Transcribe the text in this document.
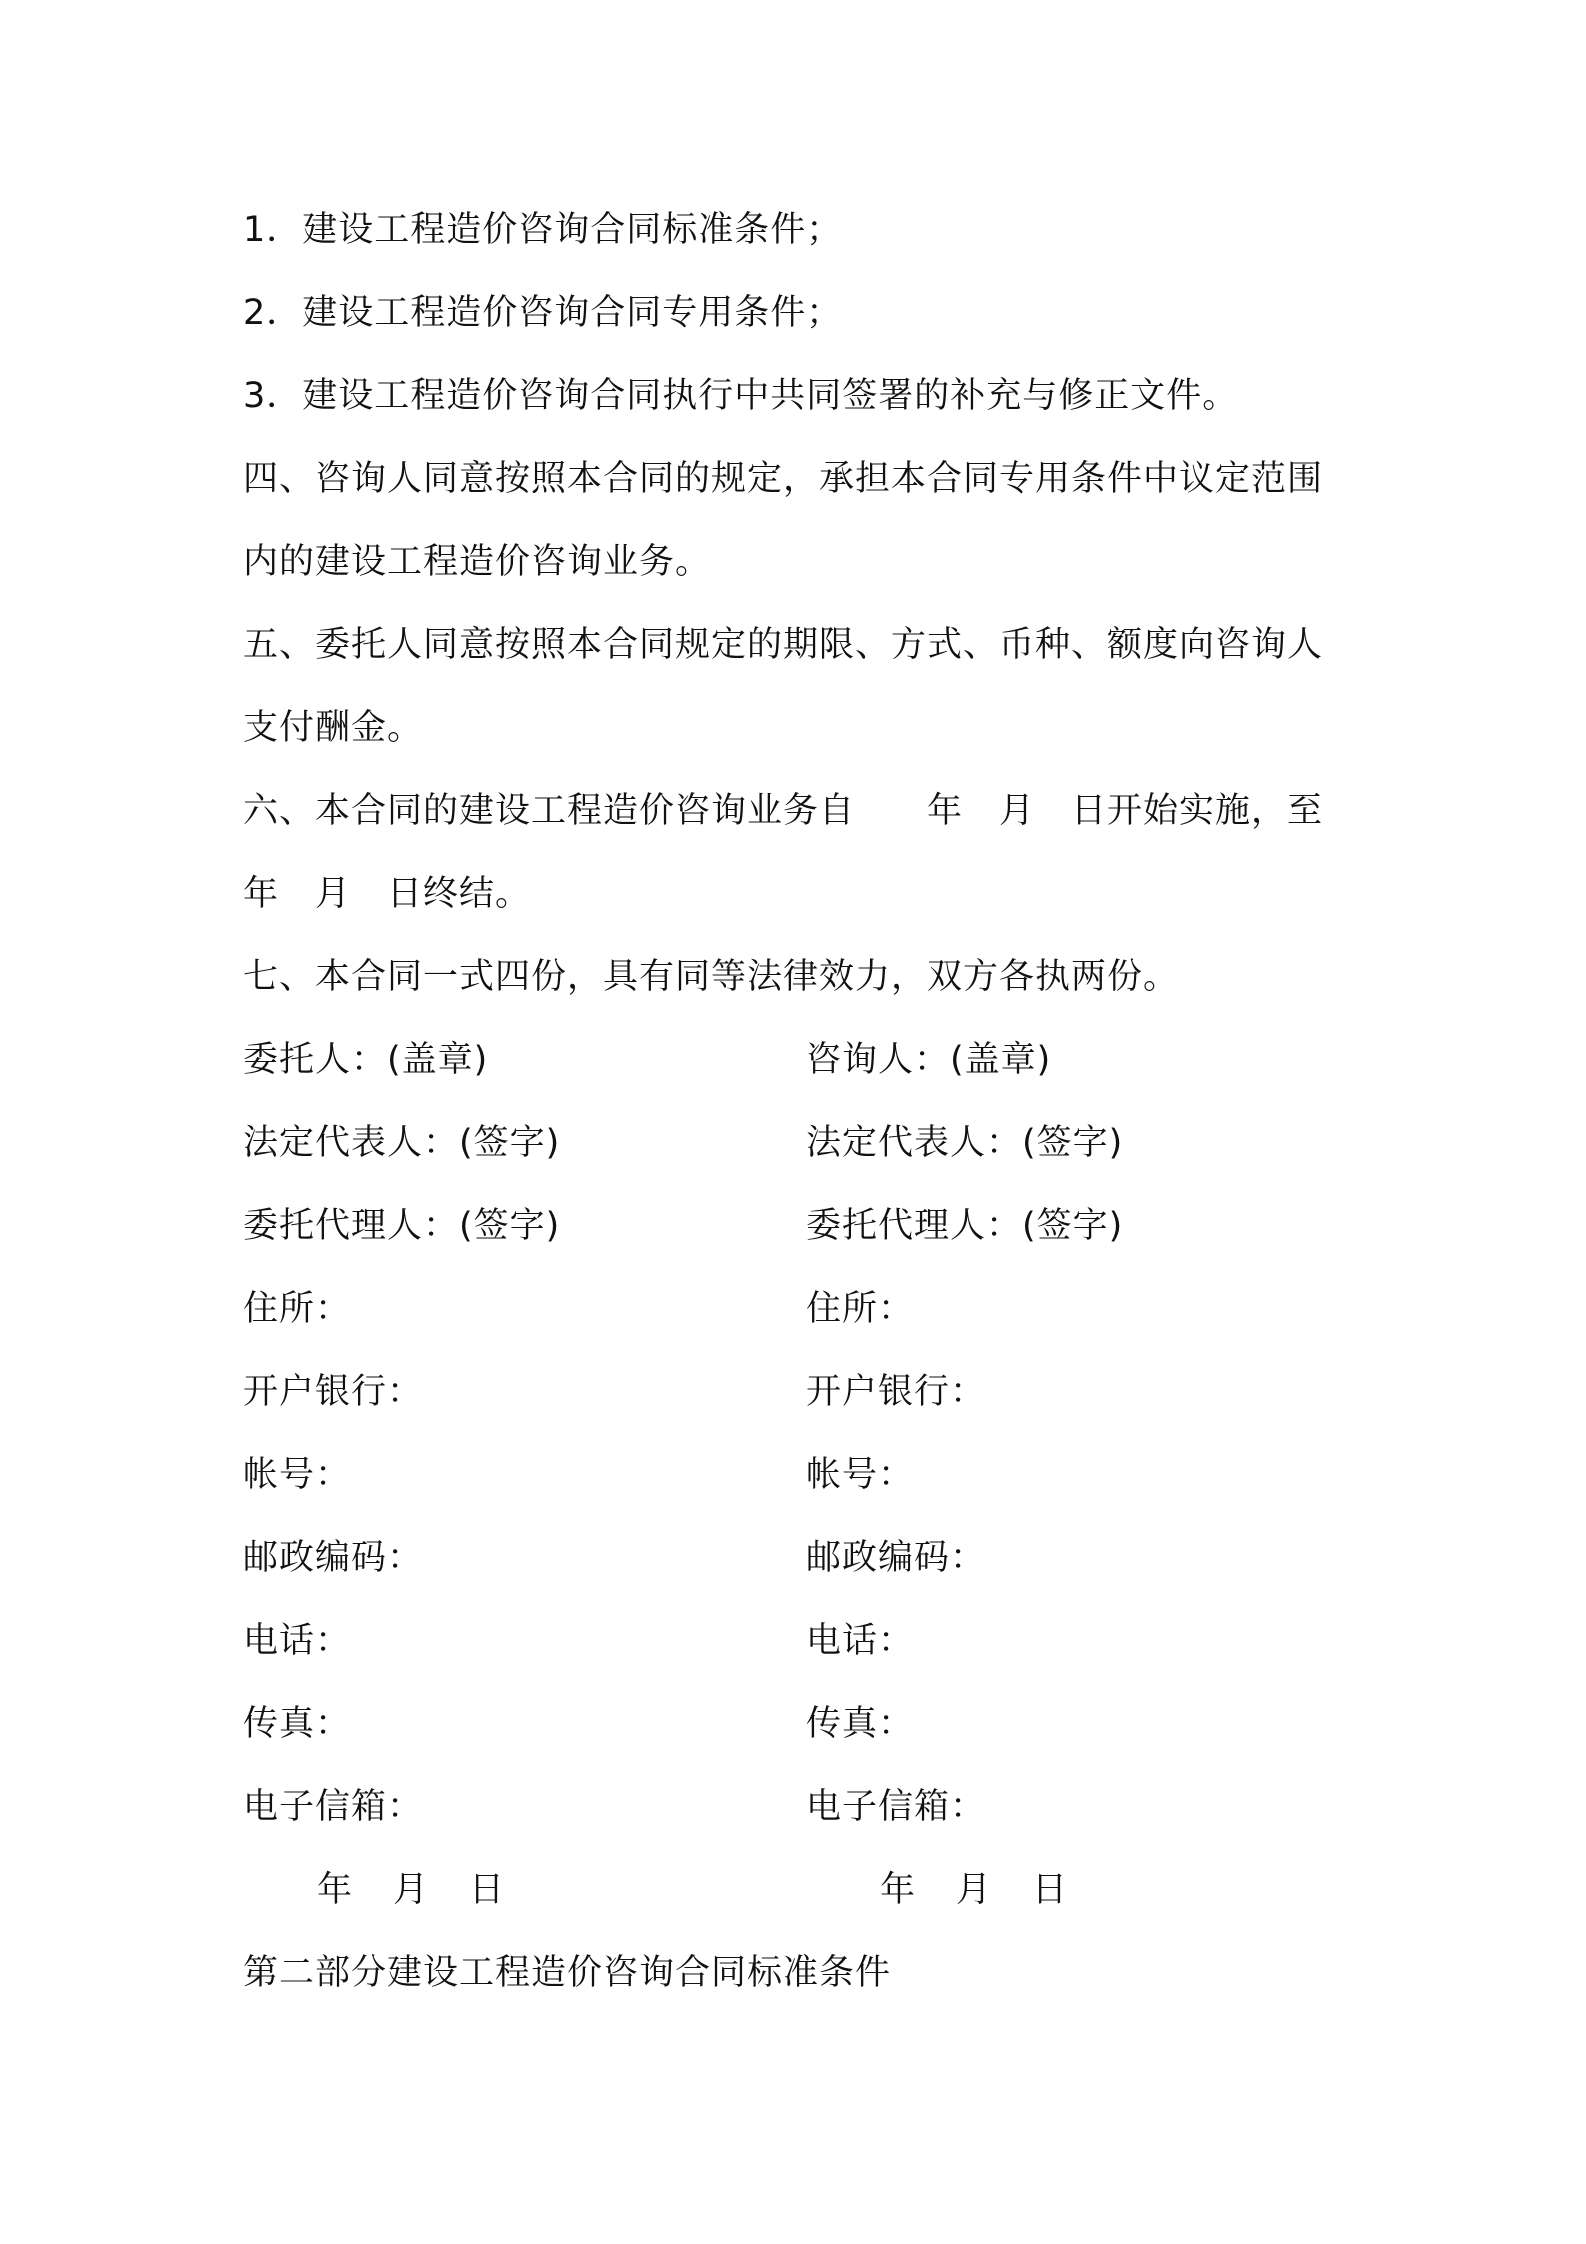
1．建设工程造价咨询合同标准条件；
2．建设工程造价咨询合同专用条件；
3．建设工程造价咨询合同执行中共同签署的补充与修正文件。
四、咨询人同意按照本合同的规定，承担本合同专用条件中议定范围
内的建设工程造价咨询业务。
五、委托人同意按照本合同规定的期限、方式、币种、额度向咨询人
支付酬金。
六、本合同的建设工程造价咨询业务自 年 月 日开始实施，至
年 月 日终结。
七、本合同一式四份，具有同等法律效力，双方各执两份。
委托人：(盖章)
法定代表人：(签字)
委托代理人：(签字)
住所：
开户银行：
帐号：
邮政编码：
电话：
传真：
电子信箱：
咨询人：(盖章)
法定代表人：(签字)
委托代理人：(签字)
住所：
开户银行：
帐号：
邮政编码：
电话：
传真：
电子信箱：
年 月 日	年 月 日
第二部分建设工程造价咨询合同标准条件
